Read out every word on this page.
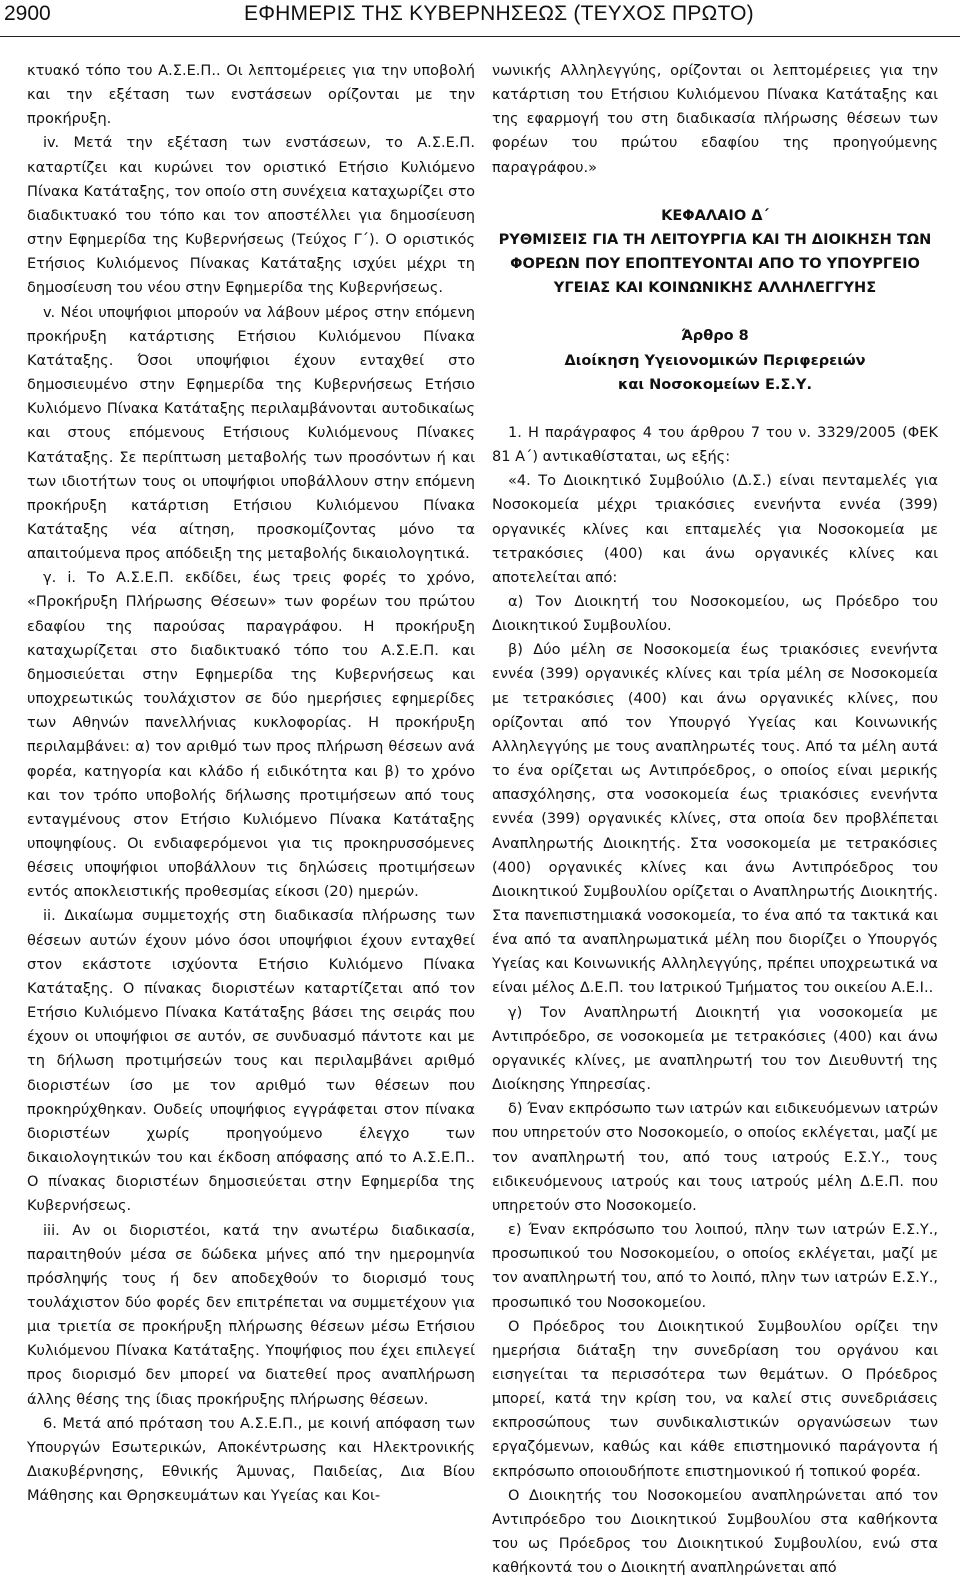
2900	ΕΦΗΜΕΡΙΣ ΤΗΣ ΚΥΒΕΡΝΗΣΕΩΣ (ΤΕΥΧΟΣ ΠΡΩΤΟ)

κτυακό τόπο του Α.Σ.Ε.Π.. Οι λεπτομέρειες για την υποβολή και την εξέταση των ενστάσεων ορίζονται με την προκήρυξη.

iv. Μετά την εξέταση των ενστάσεων, το Α.Σ.Ε.Π. καταρτίζει και κυρώνει τον οριστικό Ετήσιο Κυλιόμενο Πίνακα Κατάταξης, τον οποίο στη συνέχεια καταχωρίζει στο διαδικτυακό του τόπο και τον αποστέλλει για δημοσίευση στην Εφημερίδα της Κυβερνήσεως (Τεύχος Γ΄). Ο οριστικός Ετήσιος Κυλιόμενος Πίνακας Κατάταξης ισχύει μέχρι τη δημοσίευση του νέου στην Εφημερίδα της Κυβερνήσεως.

v. Νέοι υποψήφιοι μπορούν να λάβουν μέρος στην επόμενη προκήρυξη κατάρτισης Ετήσιου Κυλιόμενου Πίνακα Κατάταξης. Όσοι υποψήφιοι έχουν ενταχθεί στο δημοσιευμένο στην Εφημερίδα της Κυβερνήσεως Ετήσιο Κυλιόμενο Πίνακα Κατάταξης περιλαμβάνονται αυτοδικαίως και στους επόμενους Ετήσιους Κυλιόμενους Πίνακες Κατάταξης. Σε περίπτωση μεταβολής των προσόντων ή και των ιδιοτήτων τους οι υποψήφιοι υποβάλλουν στην επόμενη προκήρυξη κατάρτιση Ετήσιου Κυλιόμενου Πίνακα Κατάταξης νέα αίτηση, προσκομίζοντας μόνο τα απαιτούμενα προς απόδειξη της μεταβολής δικαιολογητικά.

γ. i. Το Α.Σ.Ε.Π. εκδίδει, έως τρεις φορές το χρόνο, «Προκήρυξη Πλήρωσης Θέσεων» των φορέων του πρώτου εδαφίου της παρούσας παραγράφου. Η προκήρυξη καταχωρίζεται στο διαδικτυακό τόπο του Α.Σ.Ε.Π. και δημοσιεύεται στην Εφημερίδα της Κυβερνήσεως και υποχρεωτικώς τουλάχιστον σε δύο ημερήσιες εφημερίδες των Αθηνών πανελλήνιας κυκλοφορίας. Η προκήρυξη περιλαμβάνει: α) τον αριθμό των προς πλήρωση θέσεων ανά φορέα, κατηγορία και κλάδο ή ειδικότητα και β) το χρόνο και τον τρόπο υποβολής δήλωσης προτιμήσεων από τους ενταγμένους στον Ετήσιο Κυλιόμενο Πίνακα Κατάταξης υποψηφίους. Οι ενδιαφερόμενοι για τις προκηρυσσόμενες θέσεις υποψήφιοι υποβάλλουν τις δηλώσεις προτιμήσεων εντός αποκλειστικής προθεσμίας είκοσι (20) ημερών.

ii. Δικαίωμα συμμετοχής στη διαδικασία πλήρωσης των θέσεων αυτών έχουν μόνο όσοι υποψήφιοι έχουν ενταχθεί στον εκάστοτε ισχύοντα Ετήσιο Κυλιόμενο Πίνακα Κατάταξης. Ο πίνακας διοριστέων καταρτίζεται από τον Ετήσιο Κυλιόμενο Πίνακα Κατάταξης βάσει της σειράς που έχουν οι υποψήφιοι σε αυτόν, σε συνδυασμό πάντοτε και με τη δήλωση προτιμήσεών τους και περιλαμβάνει αριθμό διοριστέων ίσο με τον αριθμό των θέσεων που προκηρύχθηκαν. Ουδείς υποψήφιος εγγράφεται στον πίνακα διοριστέων χωρίς προηγούμενο έλεγχο των δικαιολογητικών του και έκδοση απόφασης από το Α.Σ.Ε.Π.. Ο πίνακας διοριστέων δημοσιεύεται στην Εφημερίδα της Κυβερνήσεως.

iii. Αν οι διοριστέοι, κατά την ανωτέρω διαδικασία, παραιτηθούν μέσα σε δώδεκα μήνες από την ημερομηνία πρόσληψής τους ή δεν αποδεχθούν το διορισμό τους τουλάχιστον δύο φορές δεν επιτρέπεται να συμμετέχουν για μια τριετία σε προκήρυξη πλήρωσης θέσεων μέσω Ετήσιου Κυλιόμενου Πίνακα Κατάταξης. Υποψήφιος που έχει επιλεγεί προς διορισμό δεν μπορεί να διατεθεί προς αναπλήρωση άλλης θέσης της ίδιας προκήρυξης πλήρωσης θέσεων.

6. Μετά από πρόταση του Α.Σ.Ε.Π., με κοινή απόφαση των Υπουργών Εσωτερικών, Αποκέντρωσης και Ηλεκτρονικής Διακυβέρνησης, Εθνικής Άμυνας, Παιδείας, Δια Βίου Μάθησης και Θρησκευμάτων και Υγείας και Κοι-

νωνικής Αλληλεγγύης, ορίζονται οι λεπτομέρειες για την κατάρτιση του Ετήσιου Κυλιόμενου Πίνακα Κατάταξης και της εφαρμογή του στη διαδικασία πλήρωσης θέσεων των φορέων του πρώτου εδαφίου της προηγούμενης παραγράφου.»

ΚΕΦΑΛΑΙΟ Δ΄

ΡΥΘΜΙΣΕΙΣ ΓΙΑ ΤΗ ΛΕΙΤΟΥΡΓΙΑ ΚΑΙ ΤΗ ΔΙΟΙΚΗΣΗ ΤΩΝ ΦΟΡΕΩΝ ΠΟΥ ΕΠΟΠΤΕΥΟΝΤΑΙ ΑΠΟ ΤΟ ΥΠΟΥΡΓΕΙΟ ΥΓΕΙΑΣ ΚΑΙ ΚΟΙΝΩΝΙΚΗΣ ΑΛΛΗΛΕΓΓΥΗΣ

Άρθρο 8

Διοίκηση Υγειονομικών Περιφερειών

και Νοσοκομείων Ε.Σ.Υ.

1. Η παράγραφος 4 του άρθρου 7 του ν. 3329/2005 (ΦΕΚ 81 Α΄) αντικαθίσταται, ως εξής:

«4. Το Διοικητικό Συμβούλιο (Δ.Σ.) είναι πενταμελές για Νοσοκομεία μέχρι τριακόσιες ενενήντα εννέα (399) οργανικές κλίνες και επταμελές για Νοσοκομεία με τετρακόσιες (400) και άνω οργανικές κλίνες και αποτελείται από:

α) Τον Διοικητή του Νοσοκομείου, ως Πρόεδρο του Διοικητικού Συμβουλίου.

β) Δύο μέλη σε Νοσοκομεία έως τριακόσιες ενενήντα εννέα (399) οργανικές κλίνες και τρία μέλη σε Νοσοκομεία με τετρακόσιες (400) και άνω οργανικές κλίνες, που ορίζονται από τον Υπουργό Υγείας και Κοινωνικής Αλληλεγγύης με τους αναπληρωτές τους. Από τα μέλη αυτά το ένα ορίζεται ως Αντιπρόεδρος, ο οποίος είναι μερικής απασχόλησης, στα νοσοκομεία έως τριακόσιες ενενήντα εννέα (399) οργανικές κλίνες, στα οποία δεν προβλέπεται Αναπληρωτής Διοικητής. Στα νοσοκομεία με τετρακόσιες (400) οργανικές κλίνες και άνω Αντιπρόεδρος του Διοικητικού Συμβουλίου ορίζεται ο Αναπληρωτής Διοικητής. Στα πανεπιστημιακά νοσοκομεία, το ένα από τα τακτικά και ένα από τα αναπληρωματικά μέλη που διορίζει ο Υπουργός Υγείας και Κοινωνικής Αλληλεγγύης, πρέπει υποχρεωτικά να είναι μέλος Δ.Ε.Π. του Ιατρικού Τμήματος του οικείου Α.Ε.Ι..

γ) Τον Αναπληρωτή Διοικητή για νοσοκομεία με Αντιπρόεδρο, σε νοσοκομεία με τετρακόσιες (400) και άνω οργανικές κλίνες, με αναπληρωτή του τον Διευθυντή της Διοίκησης Υπηρεσίας.

δ) Έναν εκπρόσωπο των ιατρών και ειδικευόμενων ιατρών που υπηρετούν στο Νοσοκομείο, ο οποίος εκλέγεται, μαζί με τον αναπληρωτή του, από τους ιατρούς Ε.Σ.Υ., τους ειδικευόμενους ιατρούς και τους ιατρούς μέλη Δ.Ε.Π. που υπηρετούν στο Νοσοκομείο.

ε) Έναν εκπρόσωπο του λοιπού, πλην των ιατρών Ε.Σ.Υ., προσωπικού του Νοσοκομείου, ο οποίος εκλέγεται, μαζί με τον αναπληρωτή του, από το λοιπό, πλην των ιατρών Ε.Σ.Υ., προσωπικό του Νοσοκομείου.

Ο Πρόεδρος του Διοικητικού Συμβουλίου ορίζει την ημερήσια διάταξη την συνεδρίαση του οργάνου και εισηγείται τα περισσότερα των θεμάτων. Ο Πρόεδρος μπορεί, κατά την κρίση του, να καλεί στις συνεδριάσεις εκπροσώπους των συνδικαλιστικών οργανώσεων των εργαζόμενων, καθώς και κάθε επιστημονικό παράγοντα ή εκπρόσωπο οποιουδήποτε επιστημονικού ή τοπικού φορέα.

Ο Διοικητής του Νοσοκομείου αναπληρώνεται από τον Αντιπρόεδρο του Διοικητικού Συμβουλίου στα καθήκοντα του ως Πρόεδρος του Διοικητικού Συμβουλίου, ενώ στα καθήκοντά του ο Διοικητή αναπληρώνεται από
